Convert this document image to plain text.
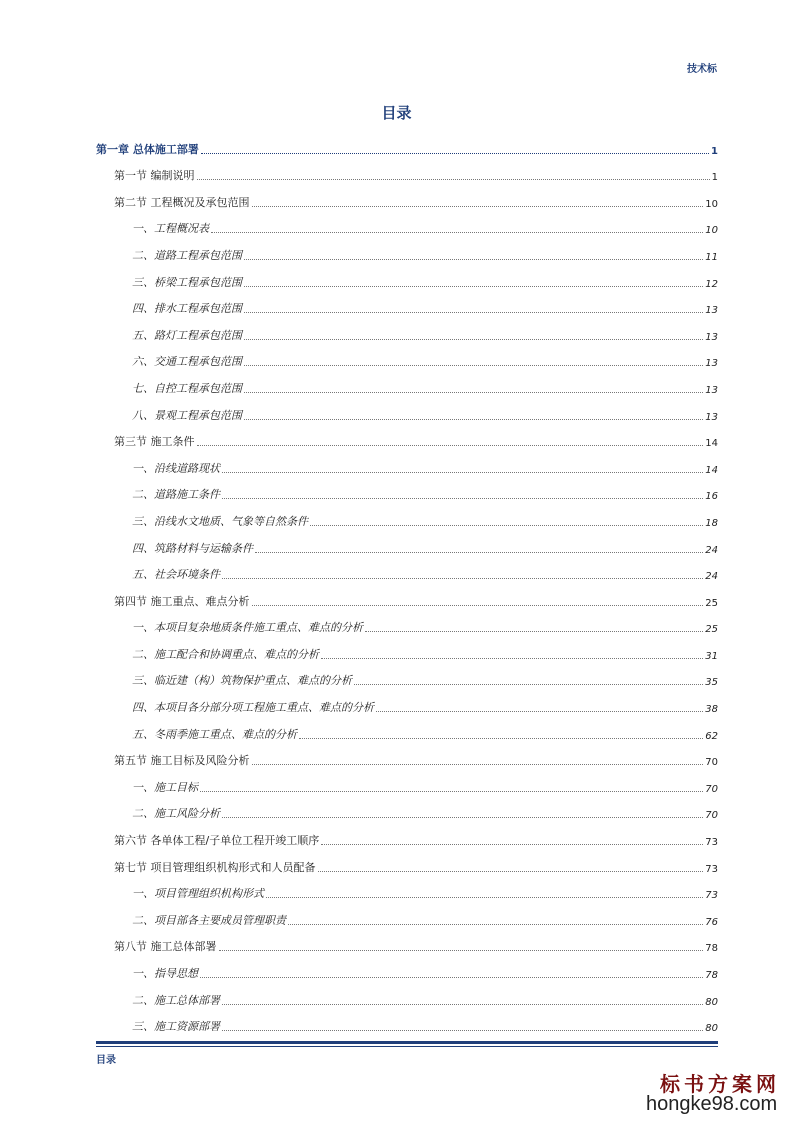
技术标
目录
第一章 总体施工部署	1
第一节 编制说明	1
第二节 工程概况及承包范围	10
一、工程概况表	10
二、道路工程承包范围	11
三、桥梁工程承包范围	12
四、排水工程承包范围	13
五、路灯工程承包范围	13
六、交通工程承包范围	13
七、自控工程承包范围	13
八、景观工程承包范围	13
第三节 施工条件	14
一、沿线道路现状	14
二、道路施工条件	16
三、沿线水文地质、气象等自然条件	18
四、筑路材料与运输条件	24
五、社会环境条件	24
第四节 施工重点、难点分析	25
一、本项目复杂地质条件施工重点、难点的分析	25
二、施工配合和协调重点、难点的分析	31
三、临近建（构）筑物保护重点、难点的分析	35
四、本项目各分部分项工程施工重点、难点的分析	38
五、冬雨季施工重点、难点的分析	62
第五节 施工目标及风险分析	70
一、施工目标	70
二、施工风险分析	70
第六节 各单体工程/子单位工程开竣工顺序	73
第七节 项目管理组织机构形式和人员配备	73
一、项目管理组织机构形式	73
二、项目部各主要成员管理职责	76
第八节 施工总体部署	78
一、指导思想	78
二、施工总体部署	80
三、施工资源部署	80
目录
标书方案网
hongke98.com
